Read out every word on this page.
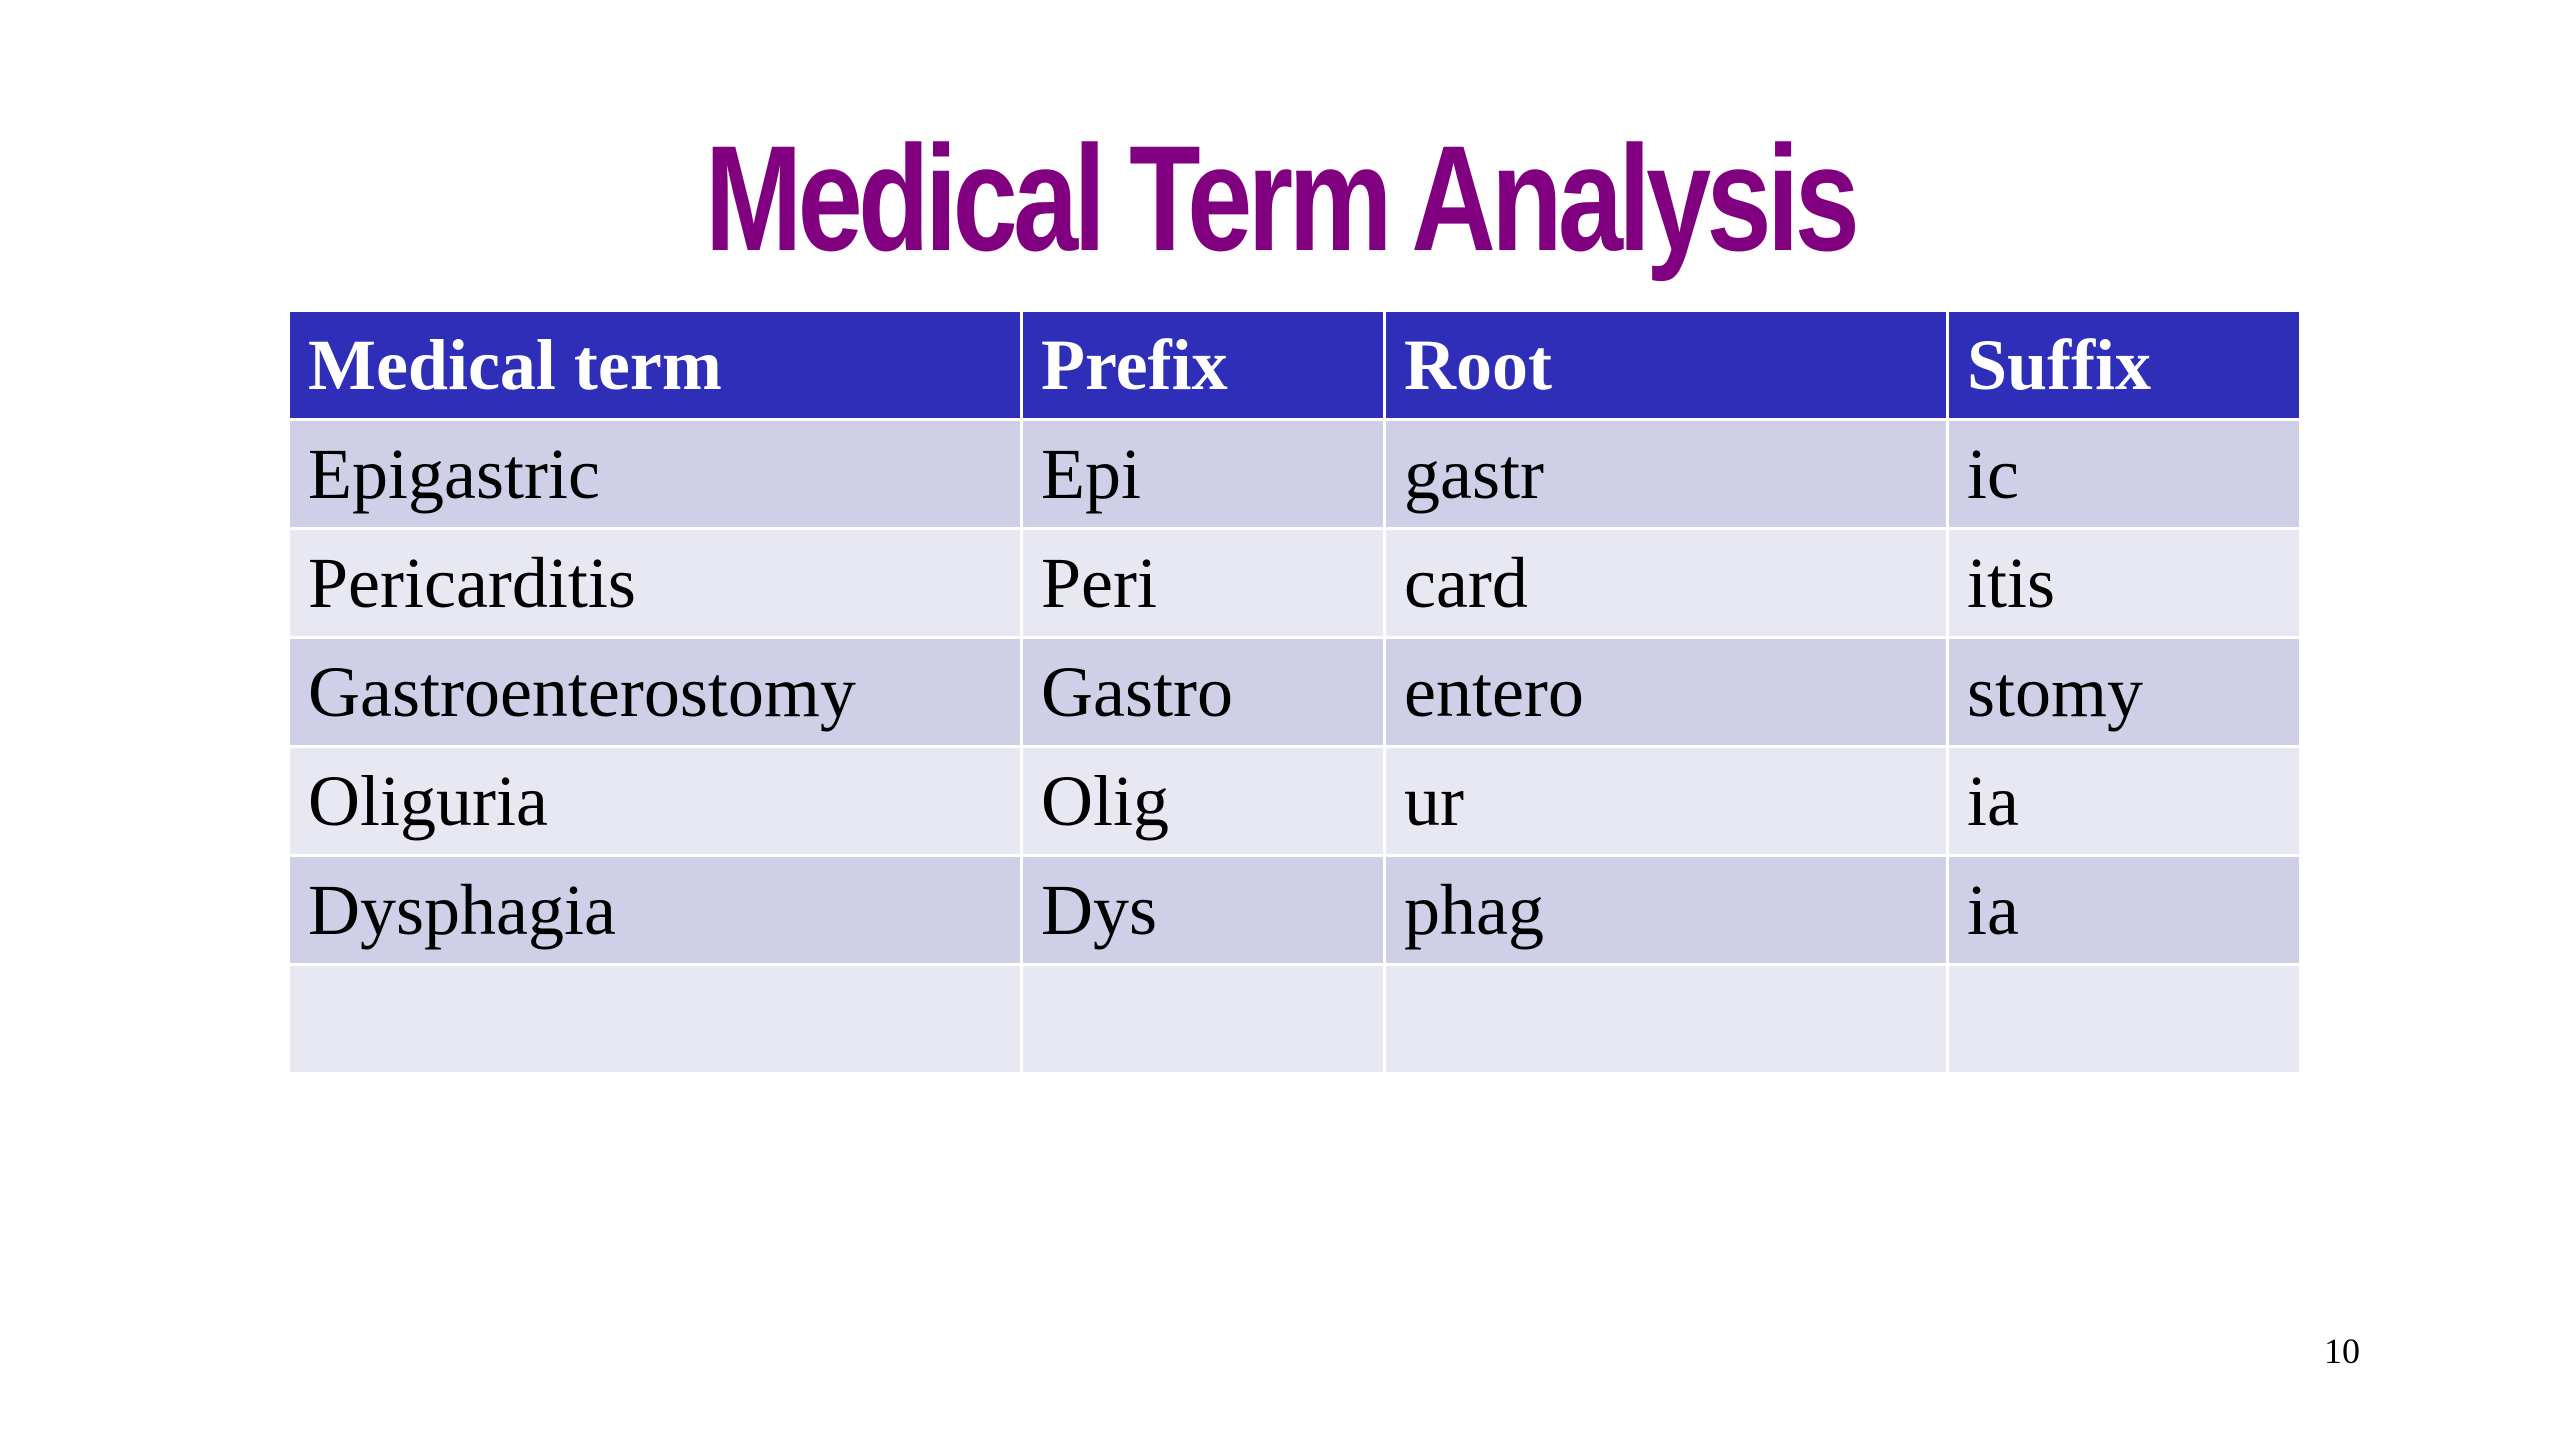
Medical Term Analysis
Medical term	Prefix	Root	Suffix
Epigastric	Epi	gastr	ic
Pericarditis	Peri	card	itis
Gastroenterostomy	Gastro	entero	stomy
Oliguria	Olig	ur	ia
Dysphagia	Dys	phag	ia

10
